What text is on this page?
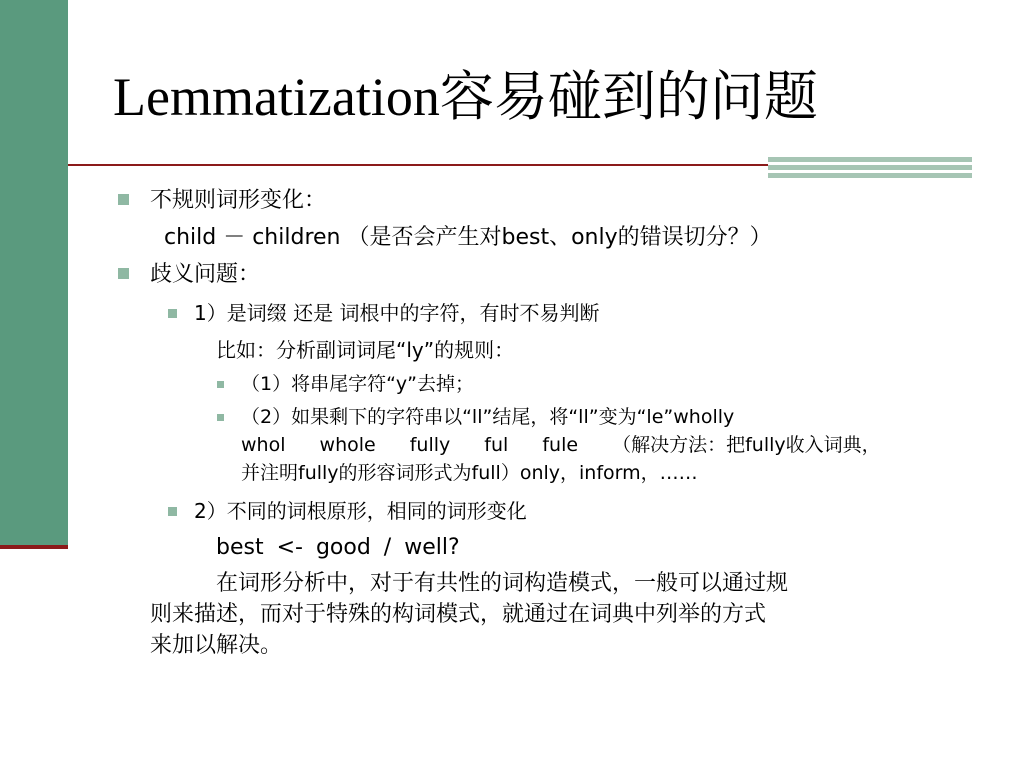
Lemmatization容易碰到的问题
不规则词形变化：
child － children （是否会产生对best、only的错误切分？）
歧义问题：
1）是词缀 还是 词根中的字符，有时不易判断
比如：分析副词词尾“ly”的规则：
（1）将串尾字符“y”去掉；
（2）如果剩下的字符串以“ll”结尾，将“ll”变为“le”wholly
whol whole fully ful fule （解决方法：把fully收入词典，
并注明fully的形容词形式为full）only，inform，……
2）不同的词根原形，相同的词形变化
best <- good / well?
在词形分析中，对于有共性的词构造模式，一般可以通过规
则来描述，而对于特殊的构词模式，就通过在词典中列举的方式
来加以解决。
